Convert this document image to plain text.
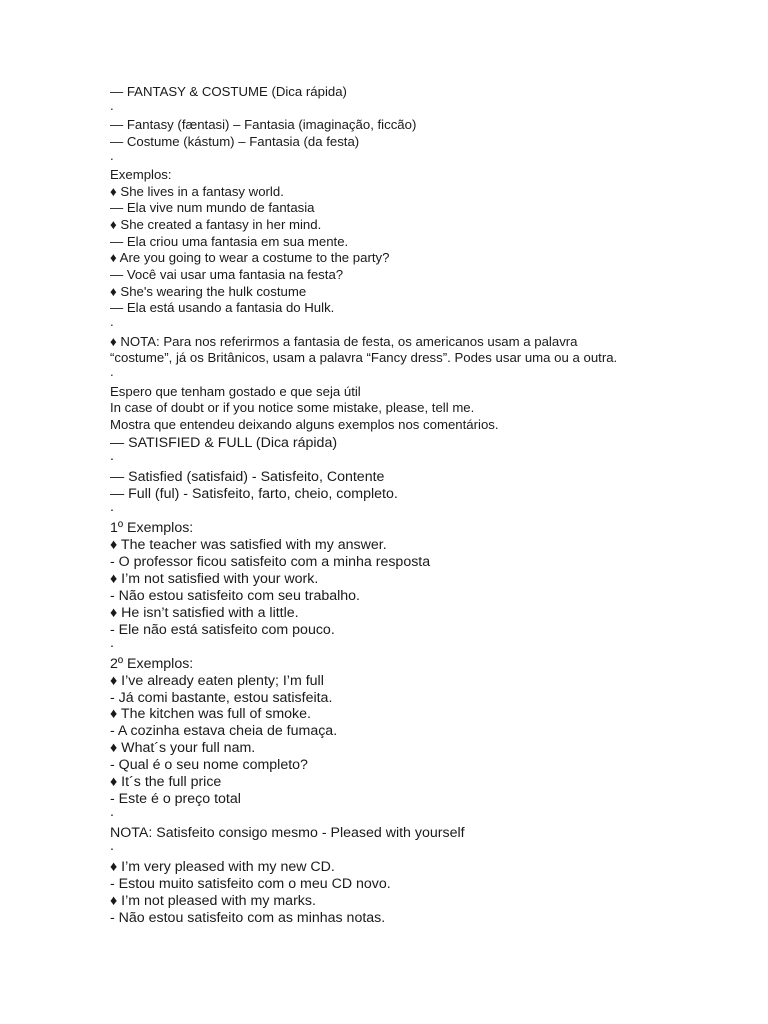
— FANTASY & COSTUME (Dica rápida)
.
— Fantasy (fæntasi) – Fantasia (imaginação, ficcão)
— Costume (kástum) – Fantasia (da festa)
.
Exemplos:
♦ She lives in a fantasy world.
— Ela vive num mundo de fantasia
♦ She created a fantasy in her mind.
— Ela criou uma fantasia em sua mente.
♦ Are you going to wear a costume to the party?
— Você vai usar uma fantasia na festa?
♦ She's wearing the hulk costume
— Ela está usando a fantasia do Hulk.
.
♦ NOTA: Para nos referirmos a fantasia de festa, os americanos usam a palavra
“costume”, já os Britânicos, usam a palavra “Fancy dress”. Podes usar uma ou a outra.
.
Espero que tenham gostado e que seja útil
In case of doubt or if you notice some mistake, please, tell me.
Mostra que entendeu deixando alguns exemplos nos comentários.
— SATISFIED & FULL (Dica rápida)
.
— Satisfied (satisfaid) - Satisfeito, Contente
— Full (ful) - Satisfeito, farto, cheio, completo.
.
1º Exemplos:
♦ The teacher was satisfied with my answer.
- O professor ficou satisfeito com a minha resposta
♦ I’m not satisfied with your work.
- Não estou satisfeito com seu trabalho.
♦ He isn’t satisfied with a little.
- Ele não está satisfeito com pouco.
.
2º Exemplos:
♦ I’ve already eaten plenty; I’m full
- Já comi bastante, estou satisfeita.
♦ The kitchen was full of smoke.
- A cozinha estava cheia de fumaça.
♦ What´s your full nam.
- Qual é o seu nome completo?
♦ It´s the full price
- Este é o preço total
.
NOTA: Satisfeito consigo mesmo - Pleased with yourself
.
♦ I’m very pleased with my new CD.
- Estou muito satisfeito com o meu CD novo.
♦ I’m not pleased with my marks.
- Não estou satisfeito com as minhas notas.
